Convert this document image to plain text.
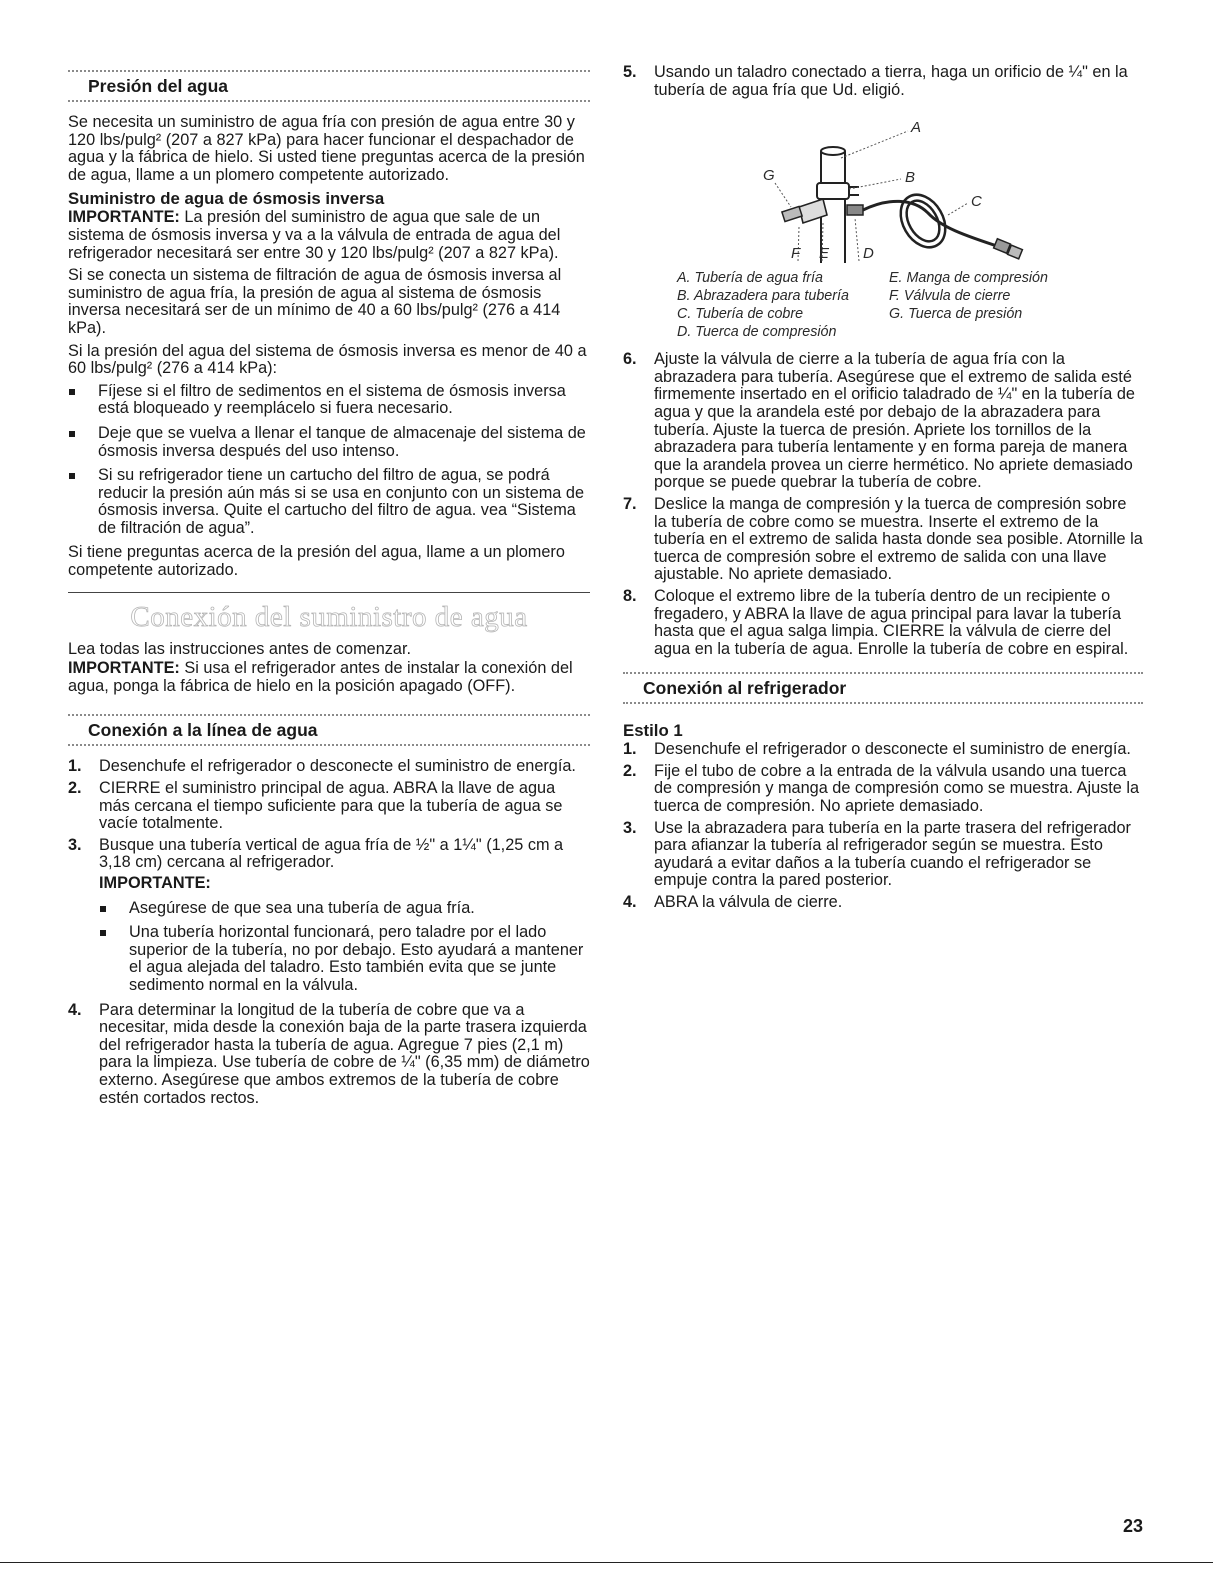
Presión del agua

Se necesita un suministro de agua fría con presión de agua entre 30 y 120 lbs/pulg² (207 a 827 kPa) para hacer funcionar el despachador de agua y la fábrica de hielo. Si usted tiene preguntas acerca de la presión de agua, llame a un plomero competente autorizado.

Suministro de agua de ósmosis inversa

IMPORTANTE: La presión del suministro de agua que sale de un sistema de ósmosis inversa y va a la válvula de entrada de agua del refrigerador necesitará ser entre 30 y 120 lbs/pulg² (207 a 827 kPa).

Si se conecta un sistema de filtración de agua de ósmosis inversa al suministro de agua fría, la presión de agua al sistema de ósmosis inversa necesitará ser de un mínimo de 40 a 60 lbs/pulg² (276 a 414 kPa).

Si la presión del agua del sistema de ósmosis inversa es menor de 40 a 60 lbs/pulg² (276 a 414 kPa):

Fíjese si el filtro de sedimentos en el sistema de ósmosis inversa está bloqueado y reemplácelo si fuera necesario.
Deje que se vuelva a llenar el tanque de almacenaje del sistema de ósmosis inversa después del uso intenso.
Si su refrigerador tiene un cartucho del filtro de agua, se podrá reducir la presión aún más si se usa en conjunto con un sistema de ósmosis inversa. Quite el cartucho del filtro de agua. vea “Sistema de filtración de agua”.

Si tiene preguntas acerca de la presión del agua, llame a un plomero competente autorizado.

Conexión del suministro de agua

Lea todas las instrucciones antes de comenzar.

IMPORTANTE: Si usa el refrigerador antes de instalar la conexión del agua, ponga la fábrica de hielo en la posición apagado (OFF).

Conexión a la línea de agua
1. Desenchufe el refrigerador o desconecte el suministro de energía.
2. CIERRE el suministro principal de agua. ABRA la llave de agua más cercana el tiempo suficiente para que la tubería de agua se vacíe totalmente.
3. Busque una tubería vertical de agua fría de ½" a 1¼" (1,25 cm a 3,18 cm) cercana al refrigerador.
IMPORTANTE:
Asegúrese de que sea una tubería de agua fría.
Una tubería horizontal funcionará, pero taladre por el lado superior de la tubería, no por debajo. Esto ayudará a mantener el agua alejada del taladro. Esto también evita que se junte sedimento normal en la válvula.
4. Para determinar la longitud de la tubería de cobre que va a necesitar, mida desde la conexión baja de la parte trasera izquierda del refrigerador hasta la tubería de agua. Agregue 7 pies (2,1 m) para la limpieza. Use tubería de cobre de ¼" (6,35 mm) de diámetro externo. Asegúrese que ambos extremos de la tubería de cobre estén cortados rectos.
5. Usando un taladro conectado a tierra, haga un orificio de ¼" en la tubería de agua fría que Ud. eligió.
A
B
C
G
F E D
A. Tubería de agua fría	E. Manga de compresión
B. Abrazadera para tubería	F. Válvula de cierre
C. Tubería de cobre	G. Tuerca de presión
D. Tuerca de compresión
6. Ajuste la válvula de cierre a la tubería de agua fría con la abrazadera para tubería. Asegúrese que el extremo de salida esté firmemente insertado en el orificio taladrado de ¼" en la tubería de agua y que la arandela esté por debajo de la abrazadera para tubería. Ajuste la tuerca de presión. Apriete los tornillos de la abrazadera para tubería lentamente y en forma pareja de manera que la arandela provea un cierre hermético. No apriete demasiado porque se puede quebrar la tubería de cobre.
7. Deslice la manga de compresión y la tuerca de compresión sobre la tubería de cobre como se muestra. Inserte el extremo de la tubería en el extremo de salida hasta donde sea posible. Atornille la tuerca de compresión sobre el extremo de salida con una llave ajustable. No apriete demasiado.
8. Coloque el extremo libre de la tubería dentro de un recipiente o fregadero, y ABRA la llave de agua principal para lavar la tubería hasta que el agua salga limpia. CIERRE la válvula de cierre del agua en la tubería de agua. Enrolle la tubería de cobre en espiral.
Conexión al refrigerador
Estilo 1
1. Desenchufe el refrigerador o desconecte el suministro de energía.
2. Fije el tubo de cobre a la entrada de la válvula usando una tuerca de compresión y manga de compresión como se muestra. Ajuste la tuerca de compresión. No apriete demasiado.
3. Use la abrazadera para tubería en la parte trasera del refrigerador para afianzar la tubería al refrigerador según se muestra. Esto ayudará a evitar daños a la tubería cuando el refrigerador se empuje contra la pared posterior.
4. ABRA la válvula de cierre.
23
